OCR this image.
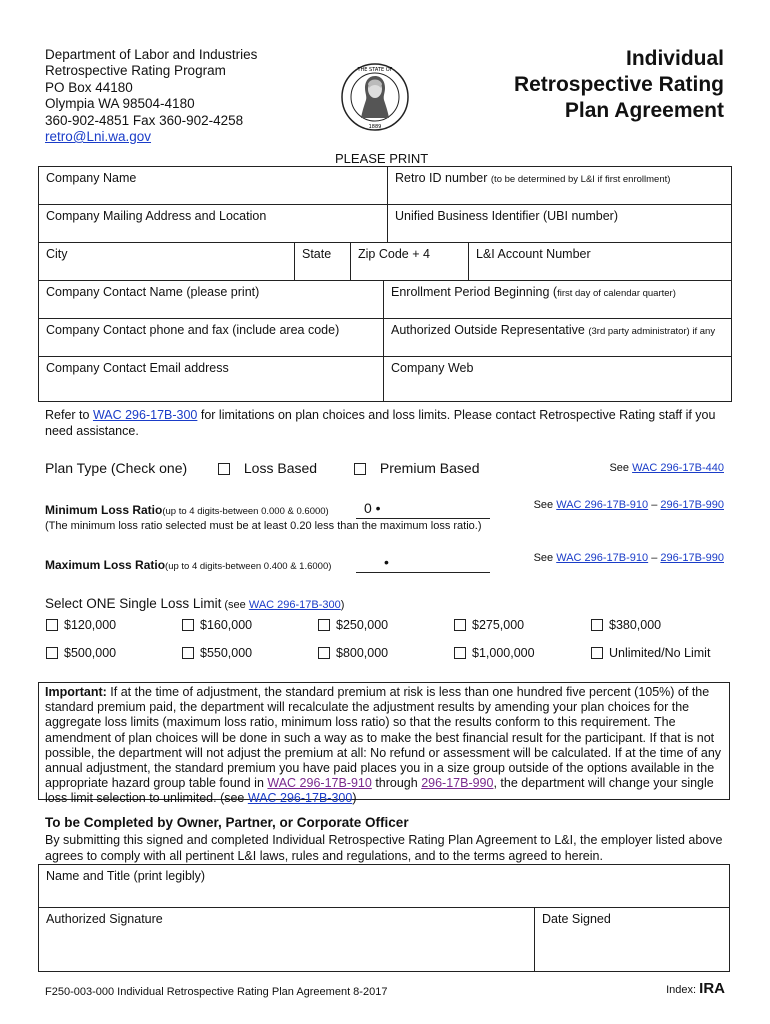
Department of Labor and Industries
Retrospective Rating Program
PO Box 44180
Olympia WA 98504-4180
360-902-4851 Fax 360-902-4258
retro@Lni.wa.gov
THE STATE OF
1889
Individual
Retrospective Rating
Plan Agreement
PLEASE PRINT
Company Name	Retro ID number (to be determined by L&I if first enrollment)
Company Mailing Address and Location	Unified Business Identifier (UBI number)
City	State	Zip Code + 4	L&I Account Number
Company Contact Name (please print)	Enrollment Period Beginning (first day of calendar quarter)
Company Contact phone and fax (include area code)	Authorized Outside Representative (3rd party administrator) if any
Company Contact Email address	Company Web
Refer to WAC 296-17B-300 for limitations on plan choices and loss limits. Please contact Retrospective Rating staff if you need assistance.
Plan Type (Check one)	Loss Based	Premium Based	See WAC 296-17B-440
Minimum Loss Ratio(up to 4 digits-between 0.000 & 0.6000)	0 •
(The minimum loss ratio selected must be at least 0.20 less than the maximum loss ratio.)
See WAC 296-17B-910 – 296-17B-990
Maximum Loss Ratio(up to 4 digits-between 0.400 & 1.6000)	•	See WAC 296-17B-910 – 296-17B-990
Select ONE Single Loss Limit (see WAC 296-17B-300)
$120,000	$160,000	$250,000	$275,000	$380,000
$500,000	$550,000	$800,000	$1,000,000	Unlimited/No Limit
Important: If at the time of adjustment, the standard premium at risk is less than one hundred five percent (105%) of the standard premium paid, the department will recalculate the adjustment results by amending your plan choices for the aggregate loss limits (maximum loss ratio, minimum loss ratio) so that the results conform to this requirement. The amendment of plan choices will be done in such a way as to make the best financial result for the participant. If that is not possible, the department will not adjust the premium at all: No refund or assessment will be calculated. If at the time of any annual adjustment, the standard premium you have paid places you in a size group outside of the options available in the appropriate hazard group table found in WAC 296-17B-910 through 296-17B-990, the department will change your single loss limit selection to unlimited. (see WAC 296-17B-300)
To be Completed by Owner, Partner, or Corporate Officer
By submitting this signed and completed Individual Retrospective Rating Plan Agreement to L&I, the employer listed above agrees to comply with all pertinent L&I laws, rules and regulations, and to the terms agreed to herein.
Name and Title (print legibly)
Authorized Signature	Date Signed
F250-003-000 Individual Retrospective Rating Plan Agreement 8-2017	Index: IRA
